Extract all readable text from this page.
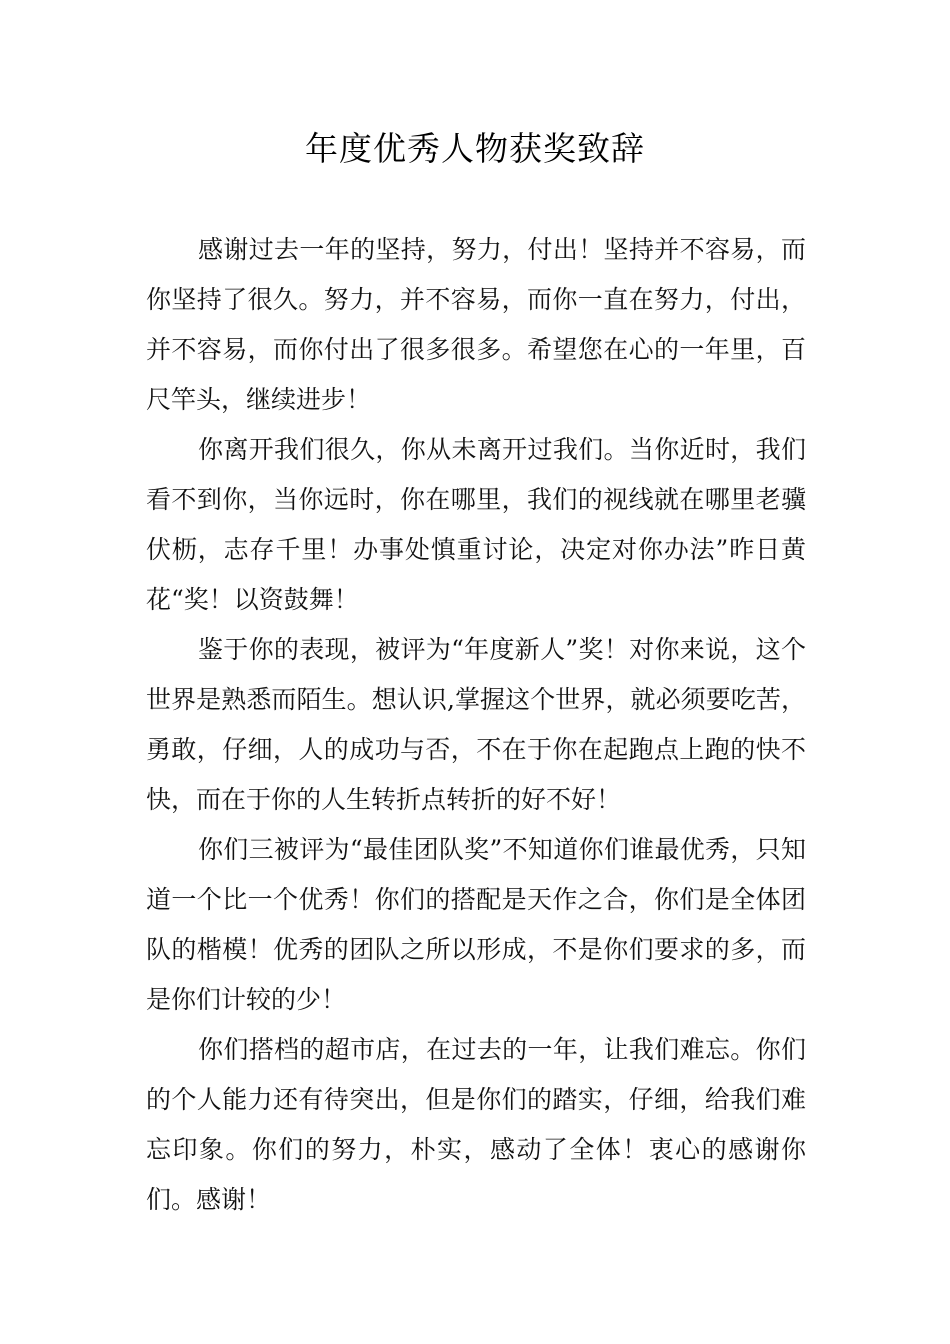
年度优秀人物获奖致辞

感谢过去一年的坚持，努力，付出！坚持并不容易，而你坚持了很久。努力，并不容易，而你一直在努力，付出，并不容易，而你付出了很多很多。希望您在心的一年里，百尺竿头，继续进步！

你离开我们很久，你从未离开过我们。当你近时，我们看不到你，当你远时，你在哪里，我们的视线就在哪里老骥伏枥，志存千里！办事处慎重讨论，决定对你办法”昨日黄花“奖！以资鼓舞！

鉴于你的表现，被评为“年度新人”奖！对你来说，这个世界是熟悉而陌生。想认识,掌握这个世界，就必须要吃苦，勇敢，仔细，人的成功与否，不在于你在起跑点上跑的快不快，而在于你的人生转折点转折的好不好！

你们三被评为“最佳团队奖”不知道你们谁最优秀，只知道一个比一个优秀！你们的搭配是天作之合，你们是全体团队的楷模！优秀的团队之所以形成，不是你们要求的多，而是你们计较的少！

你们搭档的超市店，在过去的一年，让我们难忘。你们的个人能力还有待突出，但是你们的踏实，仔细，给我们难忘印象。你们的努力，朴实，感动了全体！衷心的感谢你们。感谢！
